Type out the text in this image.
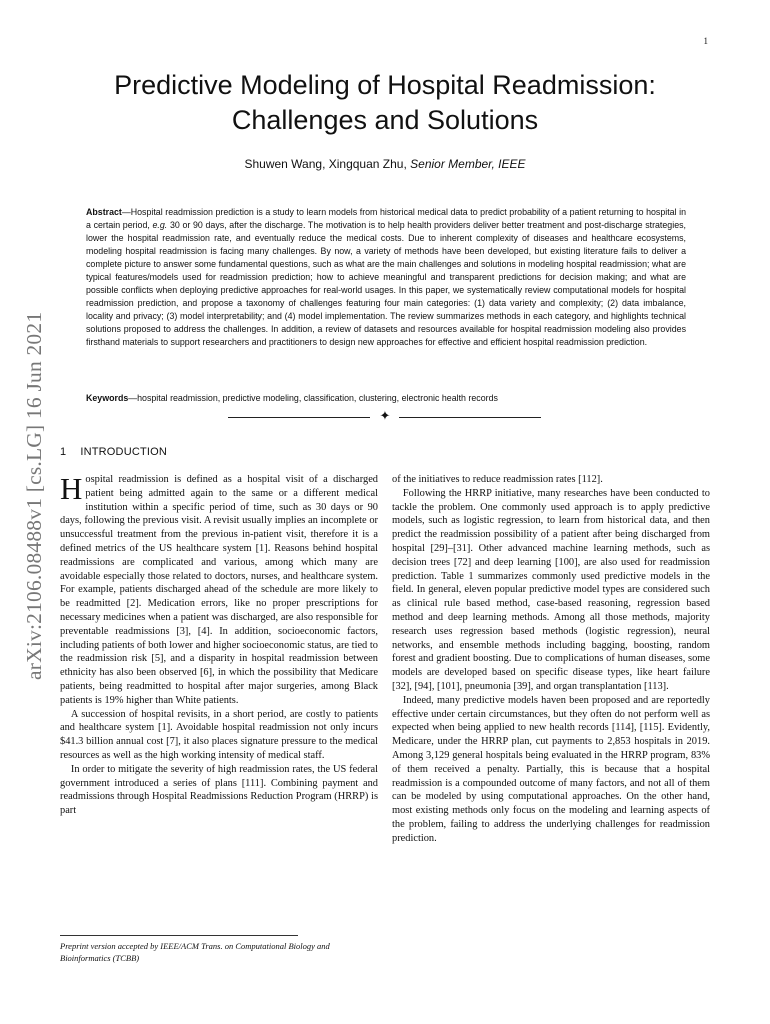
1
arXiv:2106.08488v1 [cs.LG] 16 Jun 2021
Predictive Modeling of Hospital Readmission:
Challenges and Solutions
Shuwen Wang, Xingquan Zhu, Senior Member, IEEE
Abstract—Hospital readmission prediction is a study to learn models from historical medical data to predict probability of a patient returning to hospital in a certain period, e.g. 30 or 90 days, after the discharge. The motivation is to help health providers deliver better treatment and post-discharge strategies, lower the hospital readmission rate, and eventually reduce the medical costs. Due to inherent complexity of diseases and healthcare ecosystems, modeling hospital readmission is facing many challenges. By now, a variety of methods have been developed, but existing literature fails to deliver a complete picture to answer some fundamental questions, such as what are the main challenges and solutions in modeling hospital readmission; what are typical features/models used for readmission prediction; how to achieve meaningful and transparent predictions for decision making; and what are possible conflicts when deploying predictive approaches for real-world usages. In this paper, we systematically review computational models for hospital readmission prediction, and propose a taxonomy of challenges featuring four main categories: (1) data variety and complexity; (2) data imbalance, locality and privacy; (3) model interpretability; and (4) model implementation. The review summarizes methods in each category, and highlights technical solutions proposed to address the challenges. In addition, a review of datasets and resources available for hospital readmission modeling also provides firsthand materials to support researchers and practitioners to design new approaches for effective and efficient hospital readmission prediction.
Keywords—hospital readmission, predictive modeling, classification, clustering, electronic health records
✦
1 INTRODUCTION

Hospital readmission is defined as a hospital visit of a discharged patient being admitted again to the same or a different medical institution within a specific period of time, such as 30 days or 90 days, following the previous visit. A revisit usually implies an incomplete or unsuccessful treatment from the previous in-patient visit, therefore it is a defined metrics of the US healthcare system [1]. Reasons behind hospital readmissions are complicated and various, among which many are avoidable especially those related to doctors, nurses, and healthcare system. For example, patients discharged ahead of the schedule are more likely to be readmitted [2]. Medication errors, like no proper prescriptions for necessary medicines when a patient was discharged, are also responsible for preventable readmissions [3], [4]. In addition, socioeconomic factors, including patients of both lower and higher socioeconomic status, are tied to the readmission risk [5], and a disparity in hospital readmission between ethnicity has also been observed [6], in which the possibility that Medicare patients, being readmitted to hospital after major surgeries, among Black patients is 19% higher than White patients.

A succession of hospital revisits, in a short period, are costly to patients and healthcare system [1]. Avoidable hospital readmission not only incurs $41.3 billion annual cost [7], it also places signature pressure to the medical resources as well as the high working intensity of medical staff.

In order to mitigate the severity of high readmission rates, the US federal government introduced a series of plans [111]. Combining payment and readmissions through Hospital Readmissions Reduction Program (HRRP) is part

of the initiatives to reduce readmission rates [112].

Following the HRRP initiative, many researches have been conducted to tackle the problem. One commonly used approach is to apply predictive models, such as logistic regression, to learn from historical data, and then predict the readmission possibility of a patient after being discharged from hospital [29]–[31]. Other advanced machine learning methods, such as decision trees [72] and deep learning [100], are also used for readmission prediction. Table 1 summarizes commonly used predictive models in the field. In general, eleven popular predictive model types are considered such as clinical rule based method, case-based reasoning, regression based method and deep learning methods. Among all those methods, majority research uses regression based methods (logistic regression), neural networks, and ensemble methods including bagging, boosting, random forest and gradient boosting. Due to complications of human diseases, some models are developed based on specific disease types, like heart failure [32], [94], [101], pneumonia [39], and organ transplantation [113].

Indeed, many predictive models haven been proposed and are reportedly effective under certain circumstances, but they often do not perform well as expected when being applied to new health records [114], [115]. Evidently, Medicare, under the HRRP plan, cut payments to 2,853 hospitals in 2019. Among 3,129 general hospitals being evaluated in the HRRP program, 83% of them received a penalty. Partially, this is because that a hospital readmission is a compounded outcome of many factors, and not all of them can be modeled by using computational approaches. On the other hand, most existing methods only focus on the modeling and learning aspects of the problem, failing to address the underlying challenges for readmission prediction.

Preprint version accepted by IEEE/ACM Trans. on Computational Biology and Bioinformatics (TCBB)
